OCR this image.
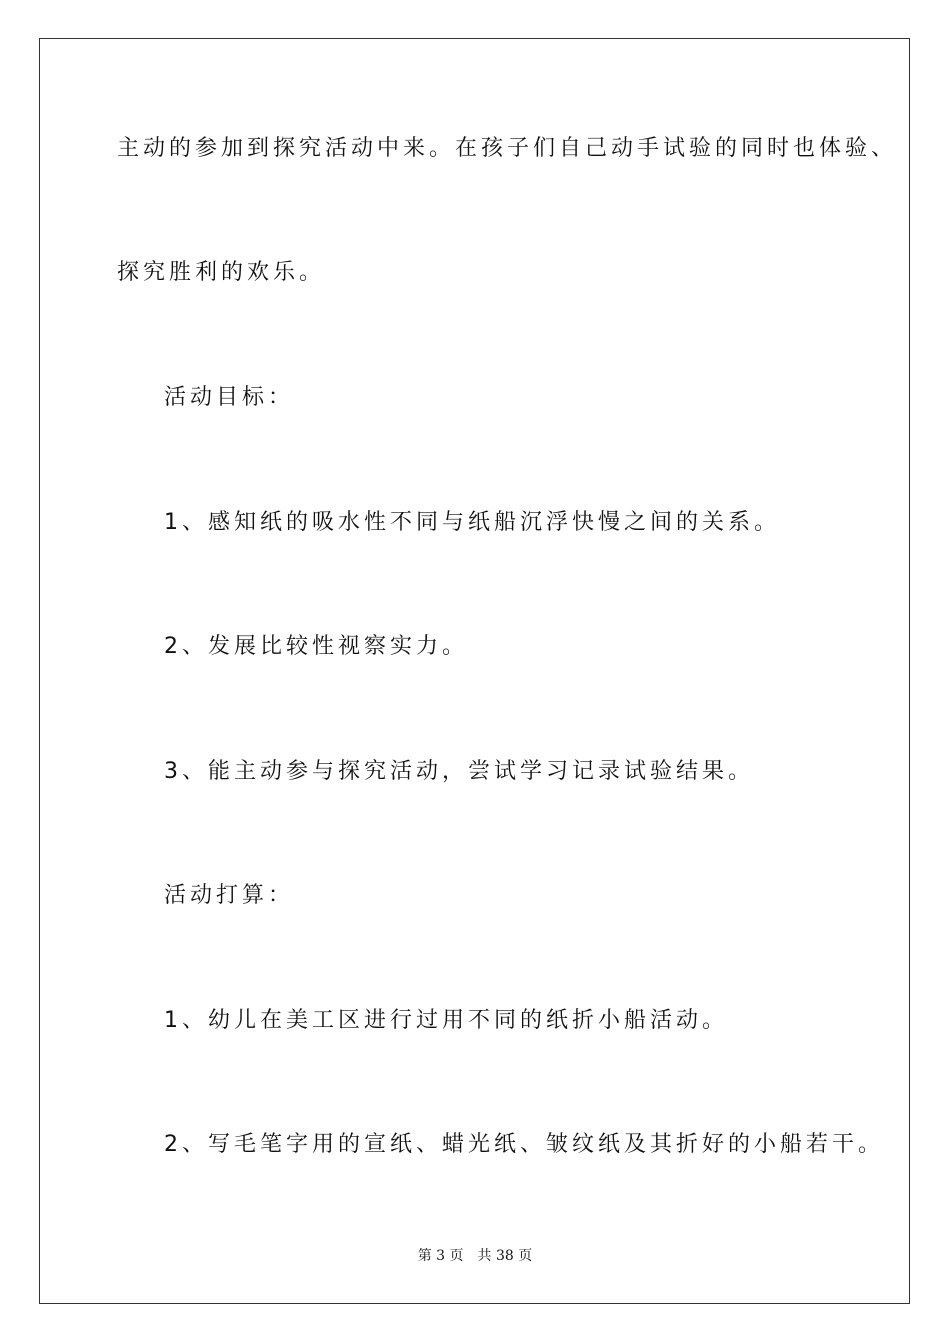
主动的参加到探究活动中来。在孩子们自己动手试验的同时也体验、
探究胜利的欢乐。
活动目标：
1、感知纸的吸水性不同与纸船沉浮快慢之间的关系。
2、发展比较性视察实力。
3、能主动参与探究活动，尝试学习记录试验结果。
活动打算：
1、幼儿在美工区进行过用不同的纸折小船活动。
2、写毛笔字用的宣纸、蜡光纸、皱纹纸及其折好的小船若干。
第 3 页 共 38 页
